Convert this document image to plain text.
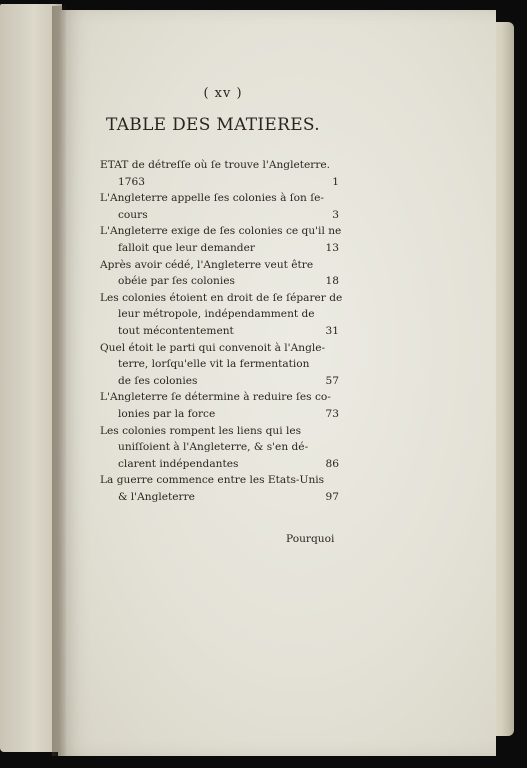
( xv )
TABLE DES MATIERES.
ETAT de détreſſe où ſe trouve l'Angleterre.
1763	1
L'Angleterre appelle ſes colonies à ſon ſe-
cours	3
L'Angleterre exige de ſes colonies ce qu'il ne
falloit que leur demander	13
Après avoir cédé, l'Angleterre veut être
obéie par ſes colonies	18
Les colonies étoient en droit de ſe ſéparer de
leur métropole, indépendamment de
tout mécontentement	31
Quel étoit le parti qui convenoit à l'Angle-
terre, lorſqu'elle vit la fermentation
de ſes colonies	57
L'Angleterre ſe détermine à reduire ſes co-
lonies par la force	73
Les colonies rompent les liens qui les
uniſſoient à l'Angleterre, & s'en dé-
clarent indépendantes	86
La guerre commence entre les Etats-Unis
& l'Angleterre	97
Pourquoi
